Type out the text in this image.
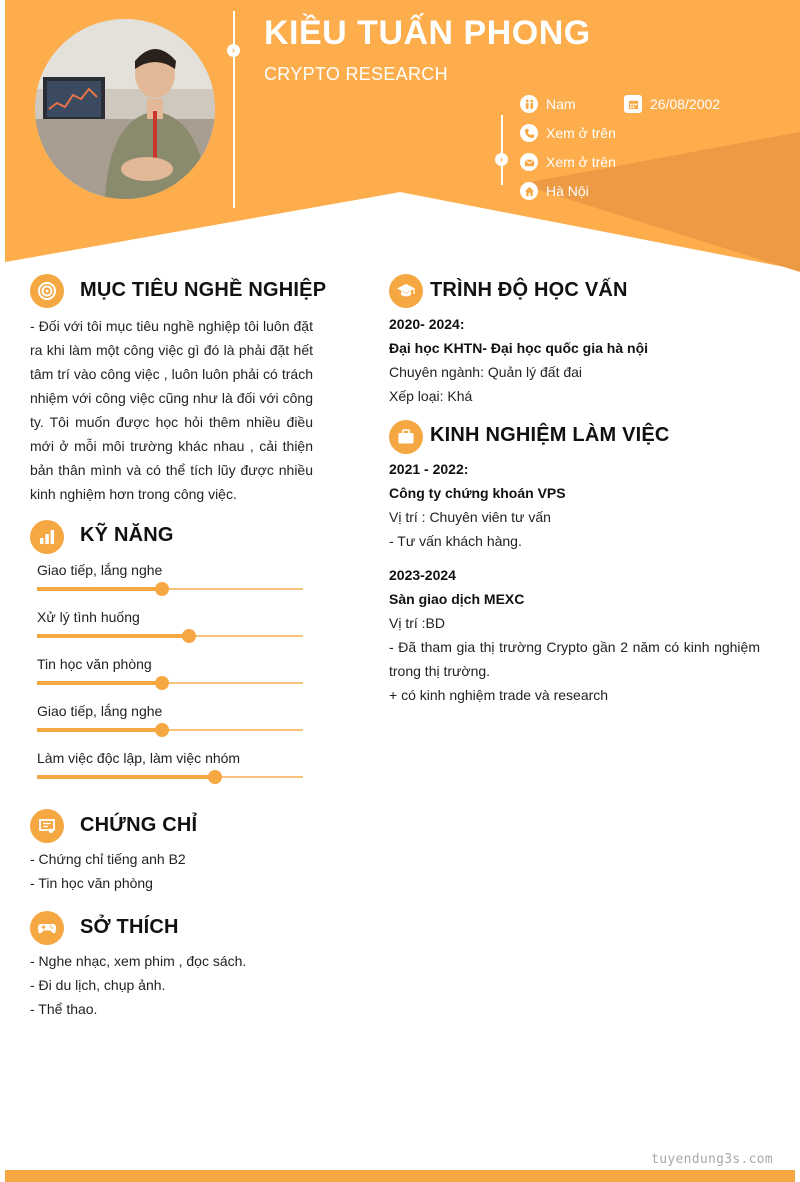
› KIỀU TUẤN PHONG
CRYPTO RESEARCH
›
Nam	26/08/2002
Xem ở trên
Xem ở trên
Hà Nội
MỤC TIÊU NGHỀ NGHIỆP
- Đối với tôi mục tiêu nghề nghiệp tôi luôn đặt ra khi làm một công việc gì đó là phải đặt hết tâm trí vào công việc , luôn luôn phải có trách nhiệm với công việc cũng như là đối với công ty. Tôi muốn được học hỏi thêm nhiều điều mới ở mỗi môi trường khác nhau , cải thiện bản thân mình và có thể tích lũy được nhiều kinh nghiệm hơn trong công việc.
KỸ NĂNG
Giao tiếp, lắng nghe
Xử lý tình huống
Tin học văn phòng
Giao tiếp, lắng nghe
Làm việc độc lập, làm việc nhóm
CHỨNG CHỈ
- Chứng chỉ tiếng anh B2
- Tin học văn phòng
SỞ THÍCH
- Nghe nhạc, xem phim , đọc sách.
- Đi du lịch, chụp ảnh.
- Thể thao.
TRÌNH ĐỘ HỌC VẤN
2020- 2024:
Đại học KHTN- Đại học quốc gia hà nội
Chuyên ngành: Quản lý đất đai
Xếp loại: Khá
KINH NGHIỆM LÀM VIỆC
2021 - 2022:
Công ty chứng khoán VPS
Vị trí : Chuyên viên tư vấn
- Tư vấn khách hàng.
2023-2024
Sàn giao dịch MEXC
Vị trí :BD
- Đã tham gia thị trường Crypto gần 2 năm có kinh nghiệm trong thị trường.
+ có kinh nghiệm trade và research
tuyendung3s.com
